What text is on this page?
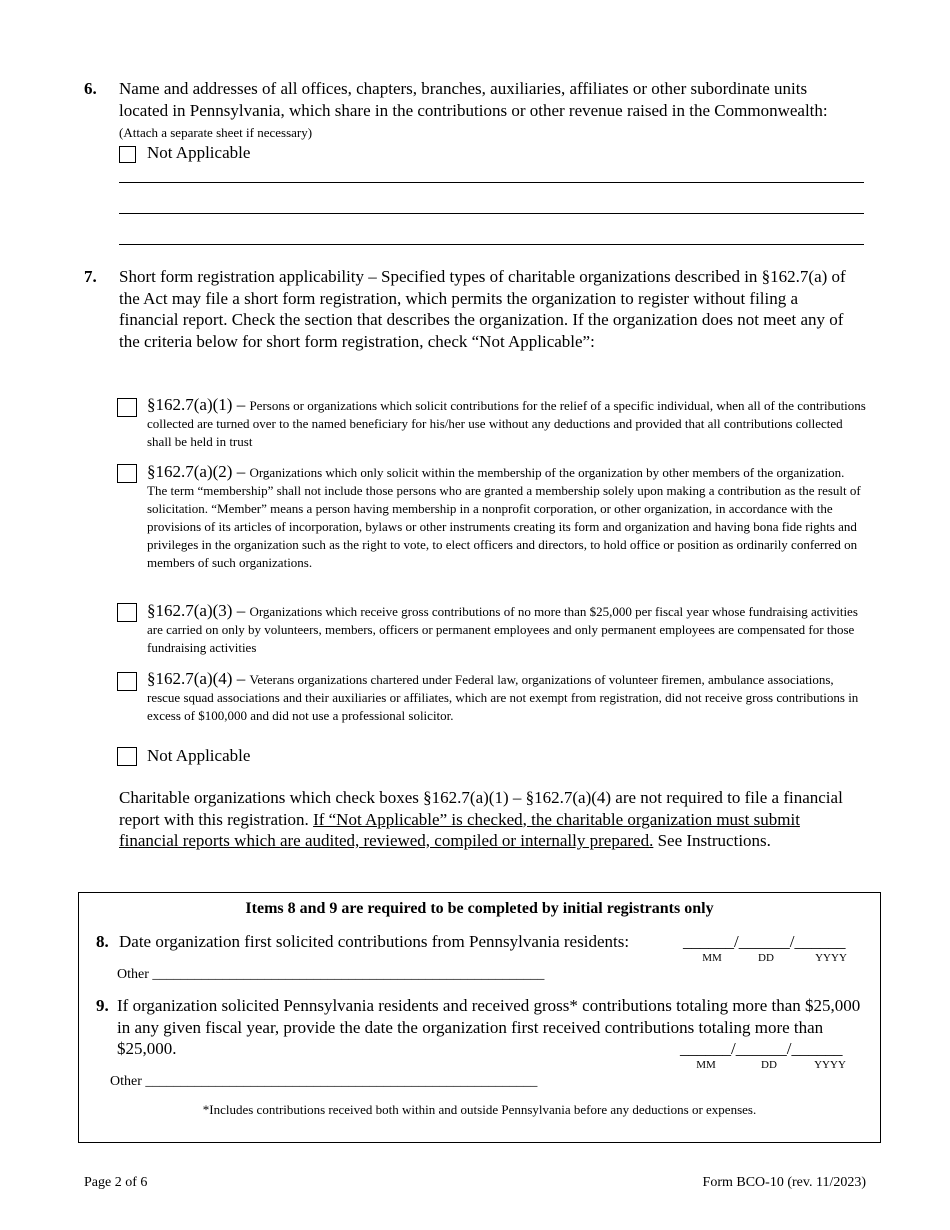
6. Name and addresses of all offices, chapters, branches, auxiliaries, affiliates or other subordinate units located in Pennsylvania, which share in the contributions or other revenue raised in the Commonwealth: (Attach a separate sheet if necessary)
Not Applicable
7. Short form registration applicability – Specified types of charitable organizations described in §162.7(a) of the Act may file a short form registration, which permits the organization to register without filing a financial report. Check the section that describes the organization. If the organization does not meet any of the criteria below for short form registration, check “Not Applicable”:
§162.7(a)(1) – Persons or organizations which solicit contributions for the relief of a specific individual, when all of the contributions collected are turned over to the named beneficiary for his/her use without any deductions and provided that all contributions collected shall be held in trust
§162.7(a)(2) – Organizations which only solicit within the membership of the organization by other members of the organization. The term “membership” shall not include those persons who are granted a membership solely upon making a contribution as the result of solicitation. “Member” means a person having membership in a nonprofit corporation, or other organization, in accordance with the provisions of its articles of incorporation, bylaws or other instruments creating its form and organization and having bona fide rights and privileges in the organization such as the right to vote, to elect officers and directors, to hold office or position as ordinarily conferred on members of such organizations.
§162.7(a)(3) – Organizations which receive gross contributions of no more than $25,000 per fiscal year whose fundraising activities are carried on only by volunteers, members, officers or permanent employees and only permanent employees are compensated for those fundraising activities
§162.7(a)(4) – Veterans organizations chartered under Federal law, organizations of volunteer firemen, ambulance associations, rescue squad associations and their auxiliaries or affiliates, which are not exempt from registration, did not receive gross contributions in excess of $100,000 and did not use a professional solicitor.
Not Applicable
Charitable organizations which check boxes §162.7(a)(1) – §162.7(a)(4) are not required to file a financial report with this registration. If “Not Applicable” is checked, the charitable organization must submit financial reports which are audited, reviewed, compiled or internally prepared. See Instructions.
Items 8 and 9 are required to be completed by initial registrants only
8. Date organization first solicited contributions from Pennsylvania residents:	______/______/______
MM	DD	YYYY
Other ________________________________________________________
9. If organization solicited Pennsylvania residents and received gross* contributions totaling more than $25,000 in any given fiscal year, provide the date the organization first received contributions totaling more than $25,000.	______/______/______
MM	DD	YYYY
Other ________________________________________________________
*Includes contributions received both within and outside Pennsylvania before any deductions or expenses.
Page 2 of 6	Form BCO-10 (rev. 11/2023)
